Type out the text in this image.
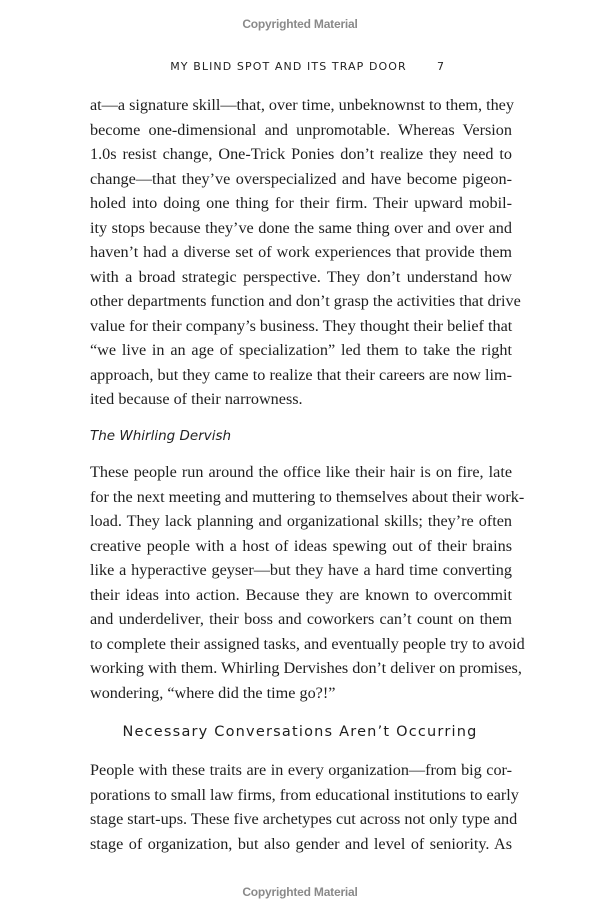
Copyrighted Material
MY BLIND SPOT AND ITS TRAP DOOR	7
at—a signature skill—that, over time, unbeknownst to them, they
become one-dimensional and unpromotable. Whereas Version
1.0s resist change, One-Trick Ponies don’t realize they need to
change—that they’ve overspecialized and have become pigeon-
holed into doing one thing for their firm. Their upward mobil-
ity stops because they’ve done the same thing over and over and
haven’t had a diverse set of work experiences that provide them
with a broad strategic perspective. They don’t understand how
other departments function and don’t grasp the activities that drive
value for their company’s business. They thought their belief that
“we live in an age of specialization” led them to take the right
approach, but they came to realize that their careers are now lim-
ited because of their narrowness.
The Whirling Dervish
These people run around the office like their hair is on fire, late
for the next meeting and muttering to themselves about their work-
load. They lack planning and organizational skills; they’re often
creative people with a host of ideas spewing out of their brains
like a hyperactive geyser—but they have a hard time converting
their ideas into action. Because they are known to overcommit
and underdeliver, their boss and coworkers can’t count on them
to complete their assigned tasks, and eventually people try to avoid
working with them. Whirling Dervishes don’t deliver on promises,
wondering, “where did the time go?!”
Necessary Conversations Aren’t Occurring
People with these traits are in every organization—from big cor-
porations to small law firms, from educational institutions to early
stage start-ups. These five archetypes cut across not only type and
stage of organization, but also gender and level of seniority. As
Copyrighted Material
